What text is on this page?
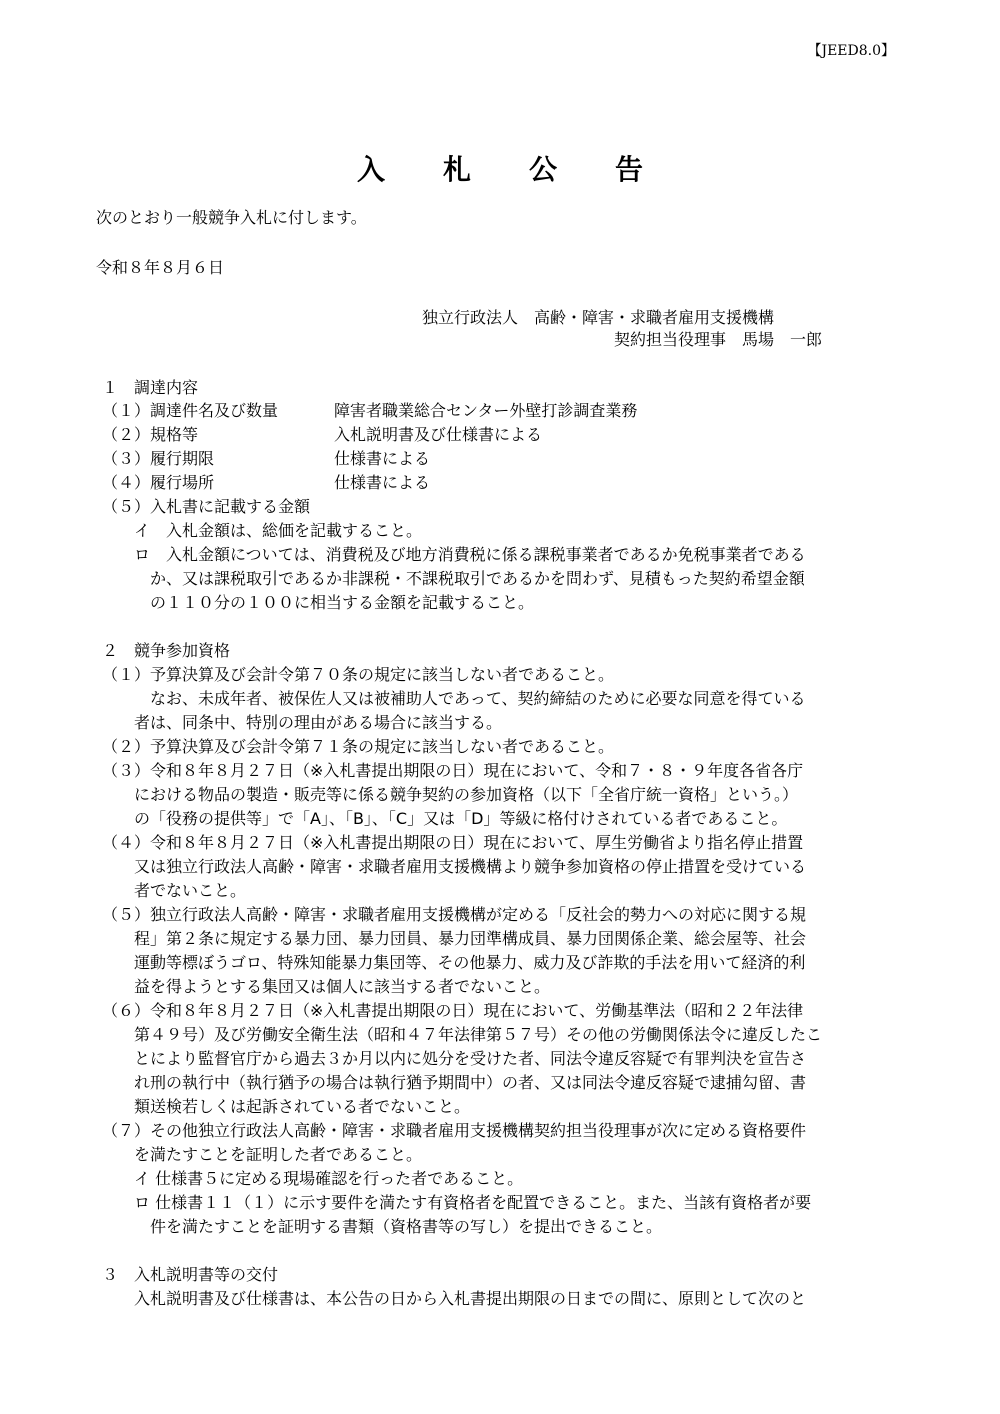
【JEED8.0】
入札公告
次のとおり一般競争入札に付します。
令和８年８月６日
独立行政法人　高齢・障害・求職者雇用支援機構
契約担当役理事　馬場　一郎
１　調達内容
（１）調達件名及び数量	障害者職業総合センター外壁打診調査業務
（２）規格等	入札説明書及び仕様書による
（３）履行期限	仕様書による
（４）履行場所	仕様書による
（５）入札書に記載する金額
イ　入札金額は、総価を記載すること。
ロ　入札金額については、消費税及び地方消費税に係る課税事業者であるか免税事業者である
か、又は課税取引であるか非課税・不課税取引であるかを問わず、見積もった契約希望金額
の１１０分の１００に相当する金額を記載すること。
２　競争参加資格
（１）予算決算及び会計令第７０条の規定に該当しない者であること。
なお、未成年者、被保佐人又は被補助人であって、契約締結のために必要な同意を得ている
者は、同条中、特別の理由がある場合に該当する。
（２）予算決算及び会計令第７１条の規定に該当しない者であること。
（３）令和８年８月２７日（※入札書提出期限の日）現在において、令和７・８・９年度各省各庁
における物品の製造・販売等に係る競争契約の参加資格（以下「全省庁統一資格」という。）
の「役務の提供等」で「A」、「B」、「C」又は「D」等級に格付けされている者であること。
（４）令和８年８月２７日（※入札書提出期限の日）現在において、厚生労働省より指名停止措置
又は独立行政法人高齢・障害・求職者雇用支援機構より競争参加資格の停止措置を受けている
者でないこと。
（５）独立行政法人高齢・障害・求職者雇用支援機構が定める「反社会的勢力への対応に関する規
程」第２条に規定する暴力団、暴力団員、暴力団準構成員、暴力団関係企業、総会屋等、社会
運動等標ぼうゴロ、特殊知能暴力集団等、その他暴力、威力及び詐欺的手法を用いて経済的利
益を得ようとする集団又は個人に該当する者でないこと。
（６）令和８年８月２７日（※入札書提出期限の日）現在において、労働基準法（昭和２２年法律
第４９号）及び労働安全衛生法（昭和４７年法律第５７号）その他の労働関係法令に違反したこ
とにより監督官庁から過去３か月以内に処分を受けた者、同法令違反容疑で有罪判決を宣告さ
れ刑の執行中（執行猶予の場合は執行猶予期間中）の者、又は同法令違反容疑で逮捕勾留、書
類送検若しくは起訴されている者でないこと。
（７）その他独立行政法人高齢・障害・求職者雇用支援機構契約担当役理事が次に定める資格要件
を満たすことを証明した者であること。
イ 仕様書５に定める現場確認を行った者であること。
ロ 仕様書１１（１）に示す要件を満たす有資格者を配置できること。また、当該有資格者が要
件を満たすことを証明する書類（資格書等の写し）を提出できること。
３　入札説明書等の交付
入札説明書及び仕様書は、本公告の日から入札書提出期限の日までの間に、原則として次のと
